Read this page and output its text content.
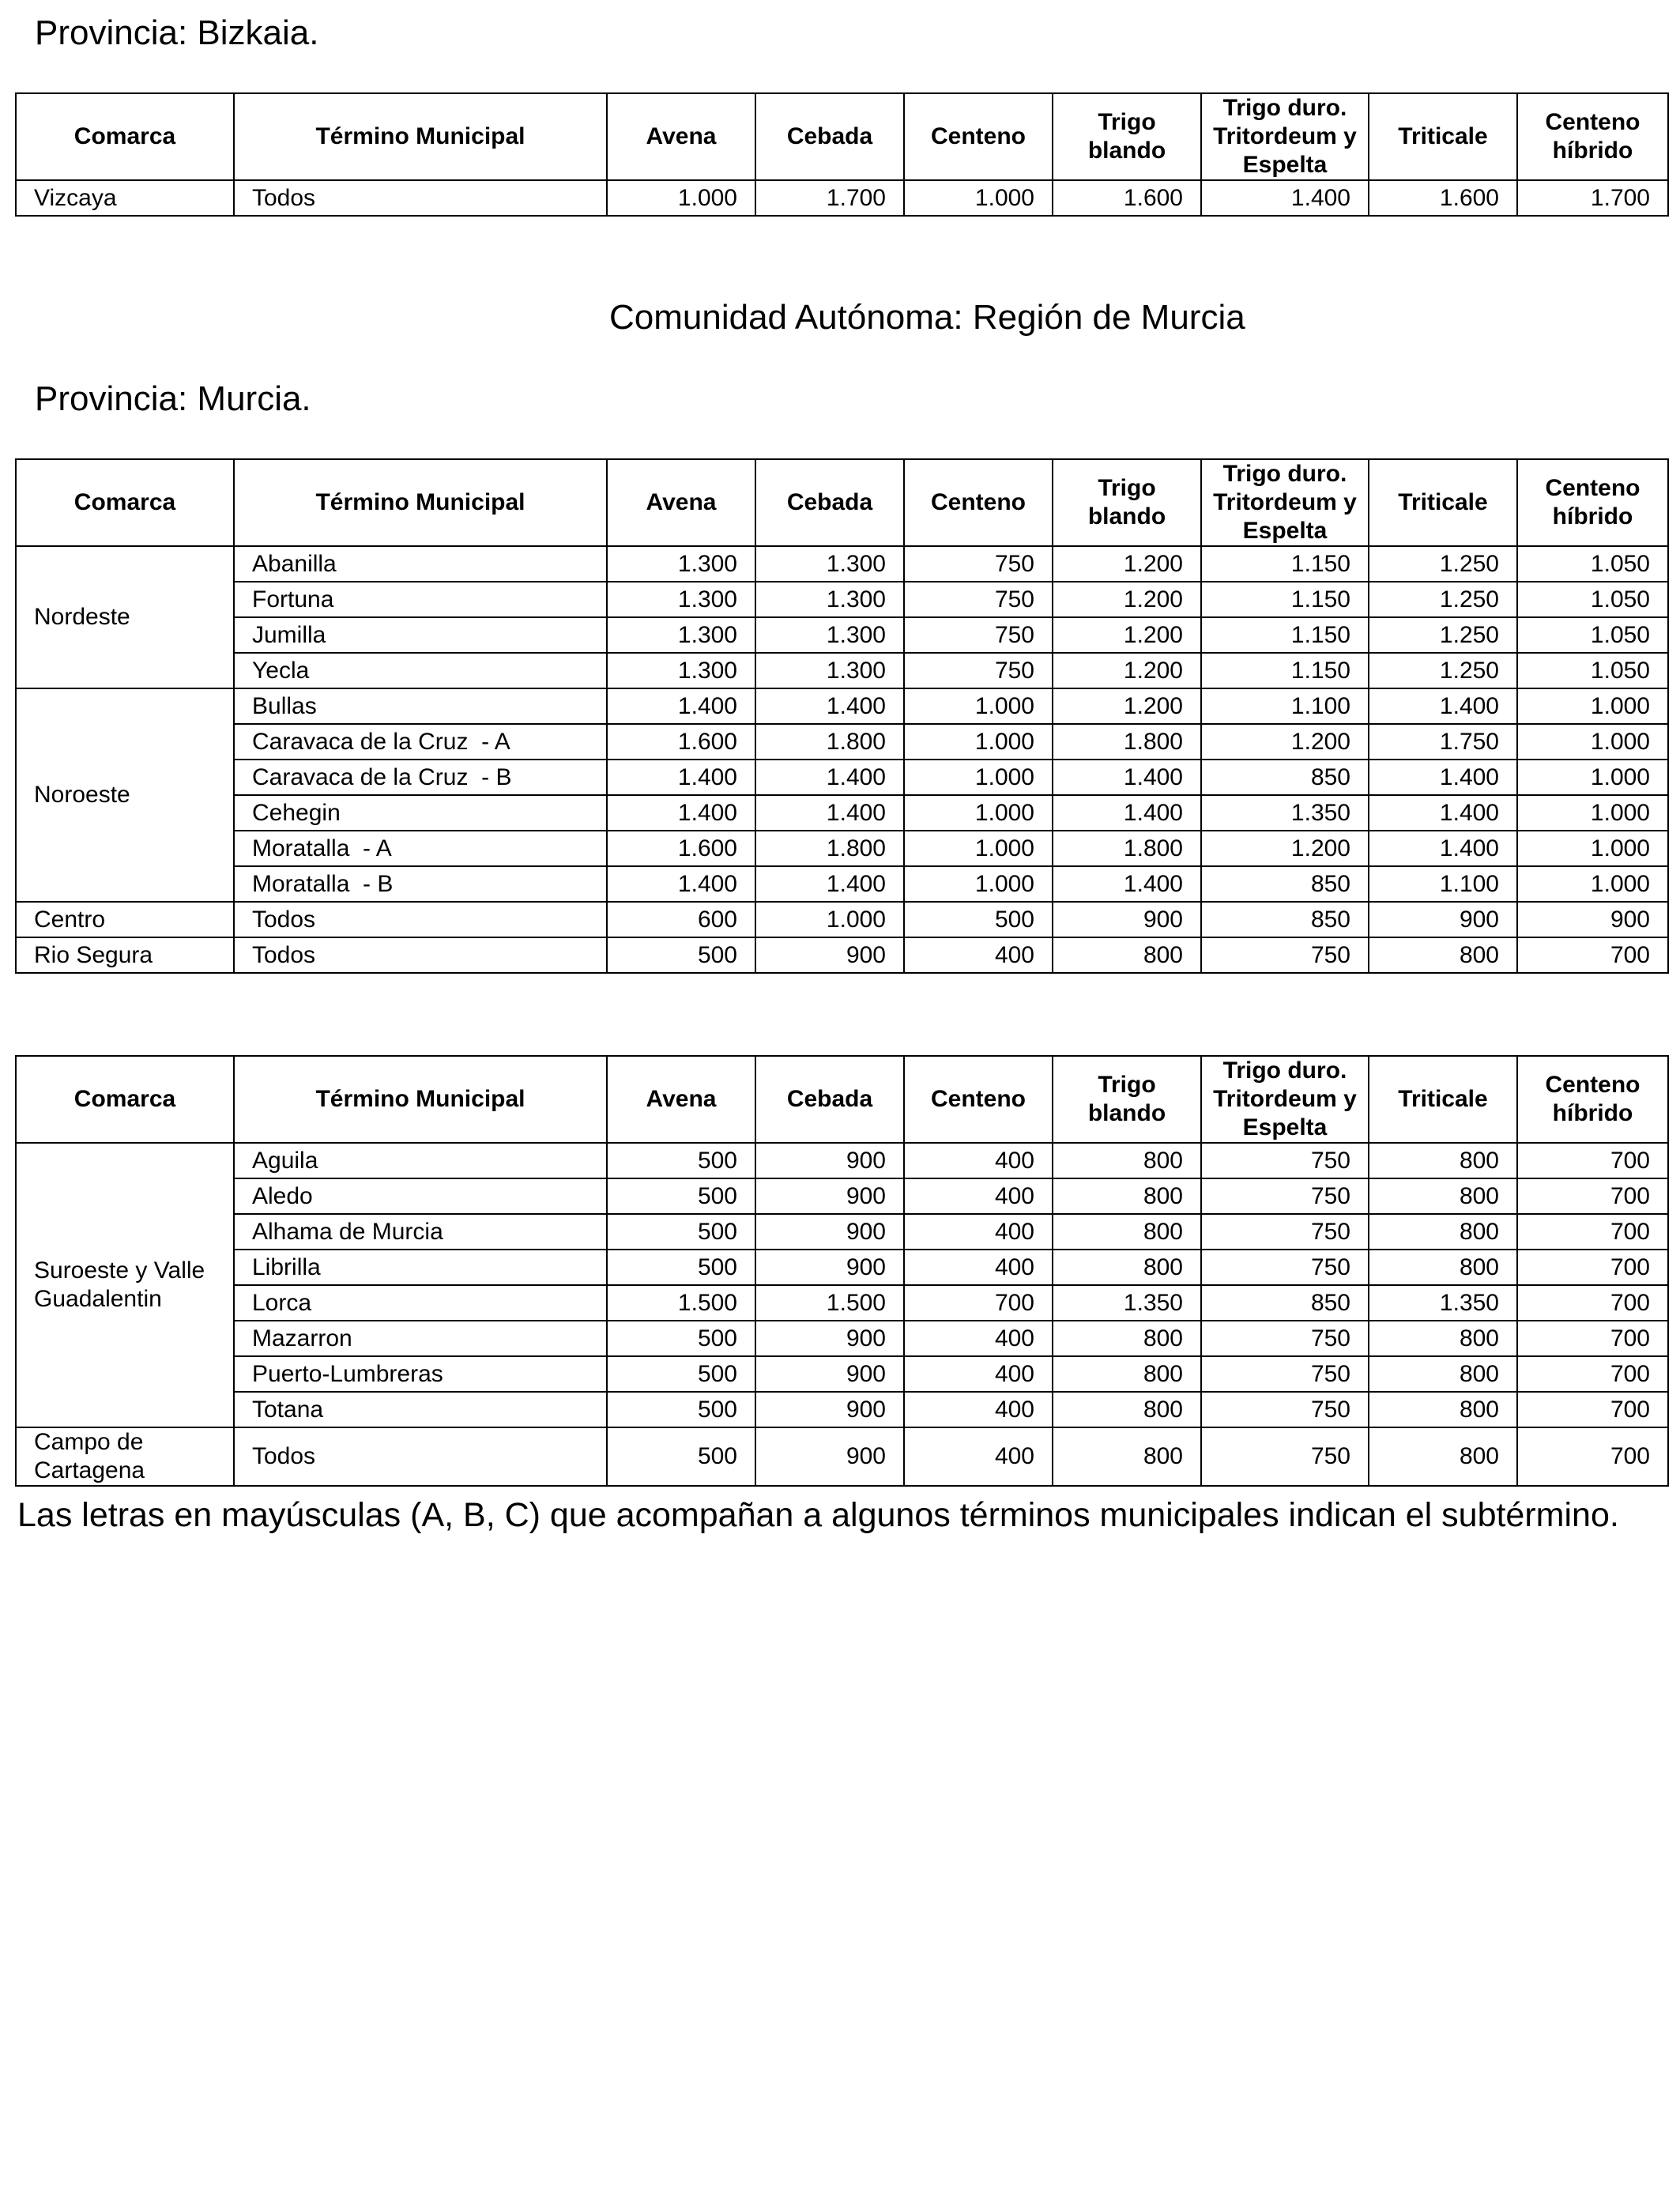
Provincia: Bizkaia.
Comarca	Término Municipal	Avena	Cebada	Centeno	Trigo blando	Trigo duro. Tritordeum y Espelta	Triticale	Centeno híbrido
Vizcaya	Todos	1.000	1.700	1.000	1.600	1.400	1.600	1.700
Comunidad Autónoma: Región de Murcia
Provincia: Murcia.
Comarca	Término Municipal	Avena	Cebada	Centeno	Trigo blando	Trigo duro. Tritordeum y Espelta	Triticale	Centeno híbrido
Nordeste	Abanilla	1.300	1.300	750	1.200	1.150	1.250	1.050
	Fortuna	1.300	1.300	750	1.200	1.150	1.250	1.050
	Jumilla	1.300	1.300	750	1.200	1.150	1.250	1.050
	Yecla	1.300	1.300	750	1.200	1.150	1.250	1.050
Noroeste	Bullas	1.400	1.400	1.000	1.200	1.100	1.400	1.000
	Caravaca de la Cruz  - A	1.600	1.800	1.000	1.800	1.200	1.750	1.000
	Caravaca de la Cruz  - B	1.400	1.400	1.000	1.400	850	1.400	1.000
	Cehegin	1.400	1.400	1.000	1.400	1.350	1.400	1.000
	Moratalla  - A	1.600	1.800	1.000	1.800	1.200	1.400	1.000
	Moratalla  - B	1.400	1.400	1.000	1.400	850	1.100	1.000
Centro	Todos	600	1.000	500	900	850	900	900
Rio Segura	Todos	500	900	400	800	750	800	700
Comarca	Término Municipal	Avena	Cebada	Centeno	Trigo blando	Trigo duro. Tritordeum y Espelta	Triticale	Centeno híbrido
Suroeste y Valle Guadalentin	Aguila	500	900	400	800	750	800	700
	Aledo	500	900	400	800	750	800	700
	Alhama de Murcia	500	900	400	800	750	800	700
	Librilla	500	900	400	800	750	800	700
	Lorca	1.500	1.500	700	1.350	850	1.350	700
	Mazarron	500	900	400	800	750	800	700
	Puerto-Lumbreras	500	900	400	800	750	800	700
	Totana	500	900	400	800	750	800	700
Campo de Cartagena	Todos	500	900	400	800	750	800	700
Las letras en mayúsculas (A, B, C) que acompañan a algunos términos municipales indican el subtérmino.
